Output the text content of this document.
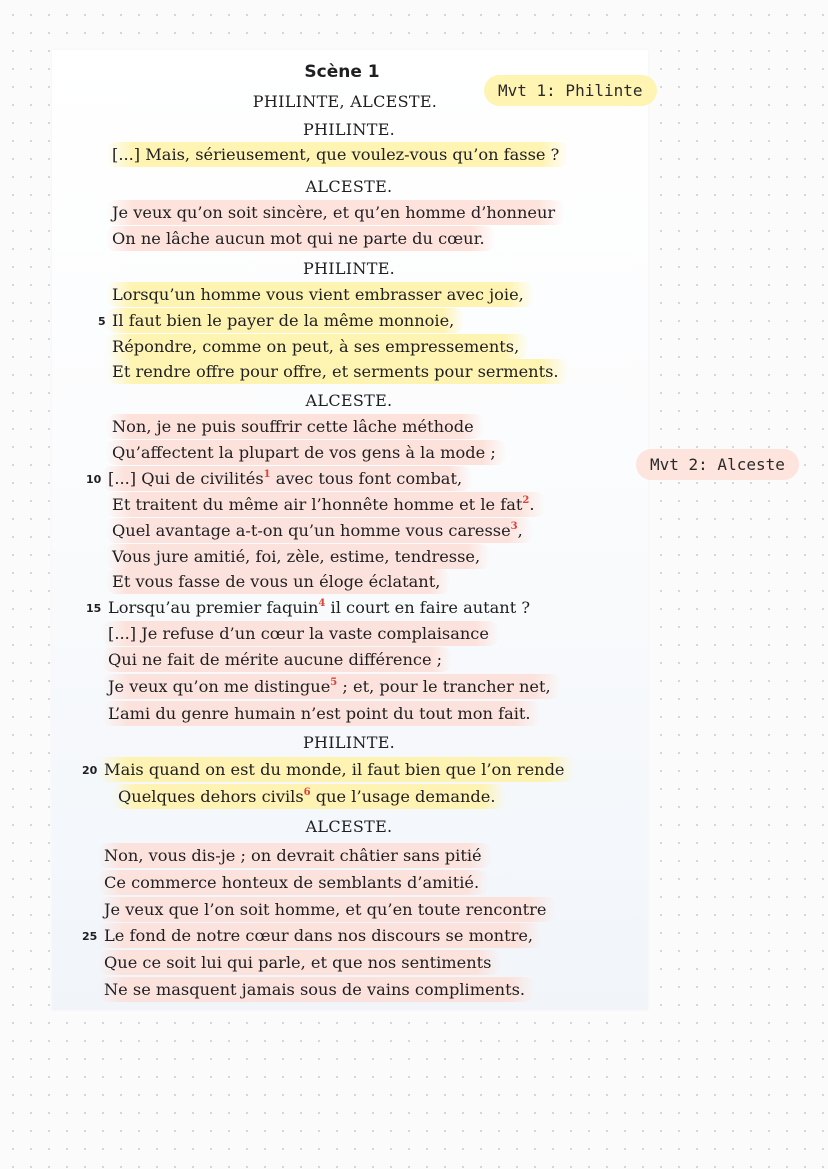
Scène 1
PHILINTE, ALCESTE.
Mvt 1: Philinte
Mvt 2: Alceste
PHILINTE.
ALCESTE.
PHILINTE.
ALCESTE.
PHILINTE.
ALCESTE.
[...] Mais, sérieusement, que voulez-vous qu’on fasse ?
Je veux qu’on soit sincère, et qu’en homme d’honneur
On ne lâche aucun mot qui ne parte du cœur.
Lorsqu’un homme vous vient embrasser avec joie,
5 Il faut bien le payer de la même monnoie,
Répondre, comme on peut, à ses empressements,
Et rendre offre pour offre, et serments pour serments.
Non, je ne puis souffrir cette lâche méthode
Qu’affectent la plupart de vos gens à la mode ;
10 [...] Qui de civilités$^1$ avec tous font combat,
Et traitent du même air l’honnête homme et le fat$^2$.
Quel avantage a-t-on qu’un homme vous caresse$^3$,
Vous jure amitié, foi, zèle, estime, tendresse,
Et vous fasse de vous un éloge éclatant,
15 Lorsqu’au premier faquin$^4$ il court en faire autant ?
[...] Je refuse d’un cœur la vaste complaisance
Qui ne fait de mérite aucune différence ;
Je veux qu’on me distingue$^5$ ; et, pour le trancher net,
L’ami du genre humain n’est point du tout mon fait.
20 Mais quand on est du monde, il faut bien que l’on rende
Quelques dehors civils$^6$ que l’usage demande.
Non, vous dis-je ; on devrait châtier sans pitié
Ce commerce honteux de semblants d’amitié.
Je veux que l’on soit homme, et qu’en toute rencontre
25 Le fond de notre cœur dans nos discours se montre,
Que ce soit lui qui parle, et que nos sentiments
Ne se masquent jamais sous de vains compliments.
